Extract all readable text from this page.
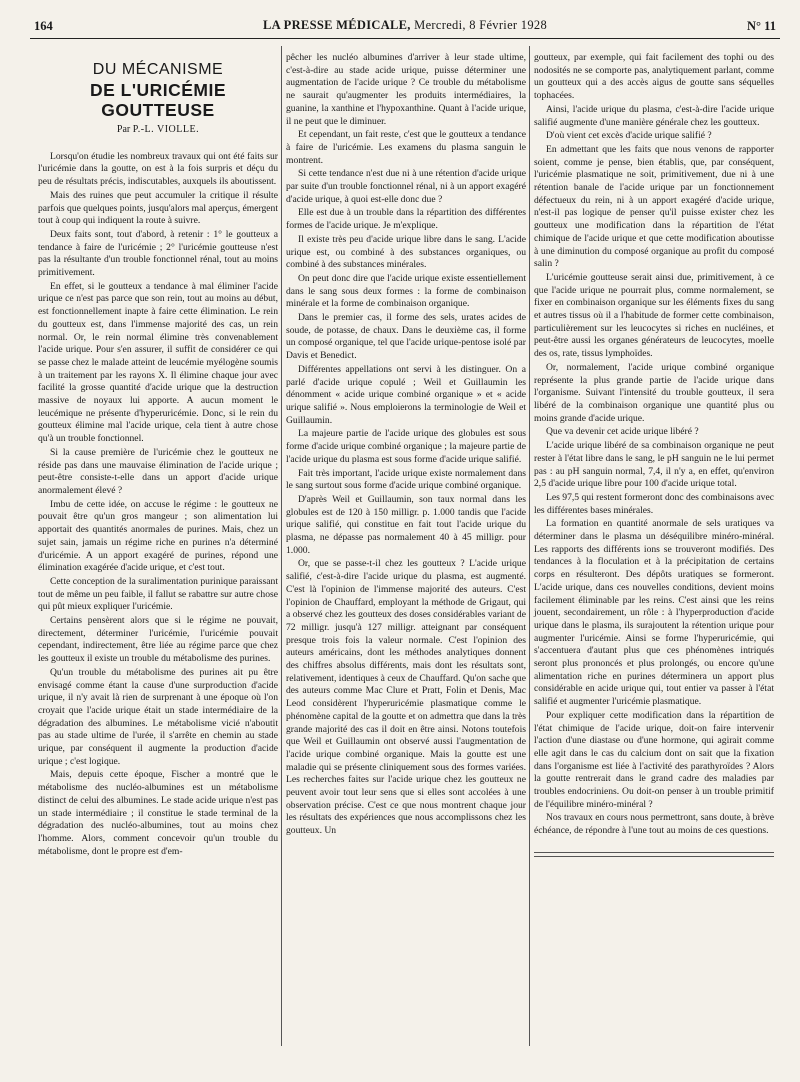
164	LA PRESSE MÉDICALE, Mercredi, 8 Février 1928	N° 11
DU MÉCANISME
DE L'URICÉMIE GOUTTEUSE
Par P.-L. VIOLLE.

Lorsqu'on étudie les nombreux travaux qui ont été faits sur l'uricémie dans la goutte, on est à la fois surpris et déçu du peu de résultats précis, indiscutables, auxquels ils aboutissent.

Mais des ruines que peut accumuler la critique il résulte parfois que quelques points, jusqu'alors mal aperçus, émergent tout à coup qui indiquent la route à suivre.

Deux faits sont, tout d'abord, à retenir : 1° le goutteux a tendance à faire de l'uricémie ; 2° l'uricémie goutteuse n'est pas la résultante d'un trouble fonctionnel rénal, tout au moins primitivement.

En effet, si le goutteux a tendance à mal éliminer l'acide urique ce n'est pas parce que son rein, tout au moins au début, est fonctionnellement inapte à faire cette élimination. Le rein du goutteux est, dans l'immense majorité des cas, un rein normal. Or, le rein normal élimine très convenablement l'acide urique. Pour s'en assurer, il suffit de considérer ce qui se passe chez le malade atteint de leucémie myélogène soumis à un traitement par les rayons X. Il élimine chaque jour avec facilité la grosse quantité d'acide urique que la destruction massive de noyaux lui apporte. A aucun moment le leucémique ne présente d'hyperuricémie. Donc, si le rein du goutteux élimine mal l'acide urique, cela tient à autre chose qu'à un trouble fonctionnel.

Si la cause première de l'uricémie chez le goutteux ne réside pas dans une mauvaise élimination de l'acide urique ; peut-être consiste-t-elle dans un apport d'acide urique anormalement élevé ?

Imbu de cette idée, on accuse le régime : le goutteux ne pouvait être qu'un gros mangeur ; son alimentation lui apportait des quantités anormales de purines. Mais, chez un sujet sain, jamais un régime riche en purines n'a déterminé d'uricémie. A un apport exagéré de purines, répond une élimination exagérée d'acide urique, et c'est tout.

Cette conception de la suralimentation purinique paraissant tout de même un peu faible, il fallut se rabattre sur autre chose qui pût mieux expliquer l'uricémie.

Certains pensèrent alors que si le régime ne pouvait, directement, déterminer l'uricémie, l'uricémie pouvait cependant, indirectement, être liée au régime parce que chez les goutteux il existe un trouble du métabolisme des purines.

Qu'un trouble du métabolisme des purines ait pu être envisagé comme étant la cause d'une surproduction d'acide urique, il n'y avait là rien de surprenant à une époque où l'on croyait que l'acide urique était un stade intermédiaire de la dégradation des albumines. Le métabolisme vicié n'aboutit pas au stade ultime de l'urée, il s'arrête en chemin au stade urique, par conséquent il augmente la production d'acide urique ; c'est logique.

Mais, depuis cette époque, Fischer a montré que le métabolisme des nucléo-albumines est un métabolisme distinct de celui des albumines. Le stade acide urique n'est pas un stade intermédiaire ; il constitue le stade terminal de la dégradation des nucléo-albumines, tout au moins chez l'homme. Alors, comment concevoir qu'un trouble du métabolisme, dont le propre est d'em-

pêcher les nucléo albumines d'arriver à leur stade ultime, c'est-à-dire au stade acide urique, puisse déterminer une augmentation de l'acide urique ? Ce trouble du métabolisme ne saurait qu'augmenter les produits intermédiaires, la guanine, la xanthine et l'hypoxanthine. Quant à l'acide urique, il ne peut que le diminuer.

Et cependant, un fait reste, c'est que le goutteux a tendance à faire de l'uricémie. Les examens du plasma sanguin le montrent.

Si cette tendance n'est due ni à une rétention d'acide urique par suite d'un trouble fonctionnel rénal, ni à un apport exagéré d'acide urique, à quoi est-elle donc due ?

Elle est due à un trouble dans la répartition des différentes formes de l'acide urique. Je m'explique.

Il existe très peu d'acide urique libre dans le sang. L'acide urique est, ou combiné à des substances organiques, ou combiné à des substances minérales.

On peut donc dire que l'acide urique existe essentiellement dans le sang sous deux formes : la forme de combinaison minérale et la forme de combinaison organique.

Dans le premier cas, il forme des sels, urates acides de soude, de potasse, de chaux. Dans le deuxième cas, il forme un composé organique, tel que l'acide urique-pentose isolé par Davis et Benedict.

Différentes appellations ont servi à les distinguer. On a parlé d'acide urique copulé ; Weil et Guillaumin les dénomment « acide urique combiné organique » et « acide urique salifié ». Nous emploierons la terminologie de Weil et Guillaumin.

La majeure partie de l'acide urique des globules est sous forme d'acide urique combiné organique ; la majeure partie de l'acide urique du plasma est sous forme d'acide urique salifié.

Fait très important, l'acide urique existe normalement dans le sang surtout sous forme d'acide urique combiné organique.

D'après Weil et Guillaumin, son taux normal dans les globules est de 120 à 150 milligr. p. 1.000 tandis que l'acide urique salifié, qui constitue en fait tout l'acide urique du plasma, ne dépasse pas normalement 40 à 45 milligr. pour 1.000.

Or, que se passe-t-il chez les goutteux ? L'acide urique salifié, c'est-à-dire l'acide urique du plasma, est augmenté. C'est là l'opinion de l'immense majorité des auteurs. C'est l'opinion de Chauffard, employant la méthode de Grigaut, qui a observé chez les goutteux des doses considérables variant de 72 milligr. jusqu'à 127 milligr. atteignant par conséquent presque trois fois la valeur normale. C'est l'opinion des auteurs américains, dont les méthodes analytiques donnent des chiffres absolus différents, mais dont les résultats sont, relativement, identiques à ceux de Chauffard. Qu'on sache que des auteurs comme Mac Clure et Pratt, Folin et Denis, Mac Leod considèrent l'hyperuricémie plasmatique comme le phénomène capital de la goutte et on admettra que dans la très grande majorité des cas il doit en être ainsi. Notons toutefois que Weil et Guillaumin ont observé aussi l'augmentation de l'acide urique combiné organique. Mais la goutte est une maladie qui se présente cliniquement sous des formes variées. Les recherches faites sur l'acide urique chez les goutteux ne peuvent avoir tout leur sens que si elles sont accolées à une observation précise. C'est ce que nous montrent chaque jour les résultats des expériences que nous accomplissons chez les goutteux. Un

goutteux, par exemple, qui fait facilement des tophi ou des nodosités ne se comporte pas, analytiquement parlant, comme un goutteux qui a des accès aigus de goutte sans séquelles tophacées.

Ainsi, l'acide urique du plasma, c'est-à-dire l'acide urique salifié augmente d'une manière générale chez les goutteux.

D'où vient cet excès d'acide urique salifié ?

En admettant que les faits que nous venons de rapporter soient, comme je pense, bien établis, que, par conséquent, l'uricémie plasmatique ne soit, primitivement, due ni à une rétention banale de l'acide urique par un fonctionnement défectueux du rein, ni à un apport exagéré d'acide urique, n'est-il pas logique de penser qu'il puisse exister chez les goutteux une modification dans la répartition de l'état chimique de l'acide urique et que cette modification aboutisse à une diminution du composé organique au profit du composé salin ?

L'uricémie goutteuse serait ainsi due, primitivement, à ce que l'acide urique ne pourrait plus, comme normalement, se fixer en combinaison organique sur les éléments fixes du sang et autres tissus où il a l'habitude de former cette combinaison, particulièrement sur les leucocytes si riches en nucléines, et peut-être aussi les organes générateurs de leucocytes, moelle des os, rate, tissus lymphoïdes.

Or, normalement, l'acide urique combiné organique représente la plus grande partie de l'acide urique dans l'organisme. Suivant l'intensité du trouble goutteux, il sera libéré de la combinaison organique une quantité plus ou moins grande d'acide urique.

Que va devenir cet acide urique libéré ?

L'acide urique libéré de sa combinaison organique ne peut rester à l'état libre dans le sang, le pH sanguin ne le lui permet pas : au pH sanguin normal, 7,4, il n'y a, en effet, qu'environ 2,5 d'acide urique libre pour 100 d'acide urique total.

Les 97,5 qui restent formeront donc des combinaisons avec les différentes bases minérales.

La formation en quantité anormale de sels uratiques va déterminer dans le plasma un déséquilibre minéro-minéral. Les rapports des différents ions se trouveront modifiés. Des tendances à la floculation et à la précipitation de certains corps en résulteront. Des dépôts uratiques se formeront. L'acide urique, dans ces nouvelles conditions, devient moins facilement éliminable par les reins. C'est ainsi que les reins jouent, secondairement, un rôle : à l'hyperproduction d'acide urique dans le plasma, ils surajoutent la rétention urique pour augmenter l'uricémie. Ainsi se forme l'hyperuricémie, qui s'accentuera d'autant plus que ces phénomènes intriqués seront plus prononcés et plus prolongés, ou encore qu'une alimentation riche en purines déterminera un apport plus considérable en acide urique qui, tout entier va passer à l'état salifié et augmenter l'uricémie plasmatique.

Pour expliquer cette modification dans la répartition de l'état chimique de l'acide urique, doit-on faire intervenir l'action d'une diastase ou d'une hormone, qui agirait comme elle agit dans le cas du calcium dont on sait que la fixation dans l'organisme est liée à l'activité des parathyroïdes ? Alors la goutte rentrerait dans le grand cadre des maladies par troubles endocriniens. Ou doit-on penser à un trouble primitif de l'équilibre minéro-minéral ?

Nos travaux en cours nous permettront, sans doute, à brève échéance, de répondre à l'une tout au moins de ces questions.
